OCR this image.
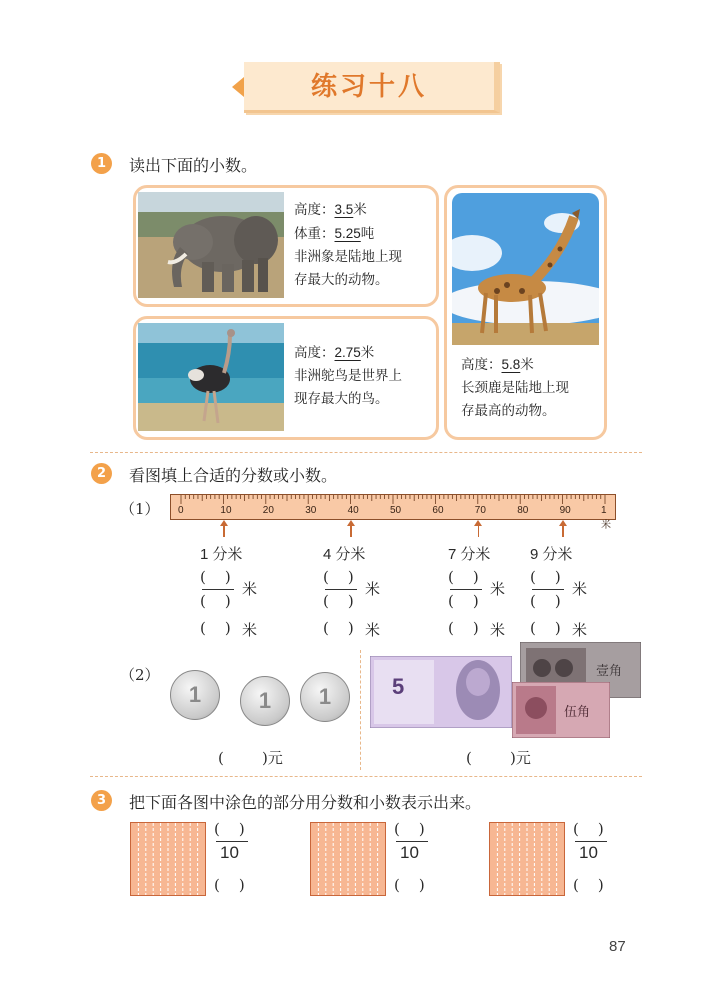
练习十八
1	读出下面的小数。
高度：3.5米
体重：5.25吨
非洲象是陆地上现
存最大的动物。
高度：2.75米
非洲鸵鸟是世界上
现存最大的鸟。
高度：5.8米
长颈鹿是陆地上现
存最高的动物。
2	看图填上合适的分数或小数。
（1） 0	10	20	30	40	50	60	70	80	90	1 米
1 分米
(    )
(    )
米
(    ) 米
4 分米
(    )
(    )
米
(    ) 米
7 分米
(    )
(    )
米
(    ) 米
9 分米
(    )
(    )
米
(    ) 米
（2）
1	1	1
(        )元
5
壹角
伍角
(        )元
3	把下面各图中涂色的部分用分数和小数表示出来。
(    )
10
(    )
(    )
10
(    )
(    )
10
(    )
87
